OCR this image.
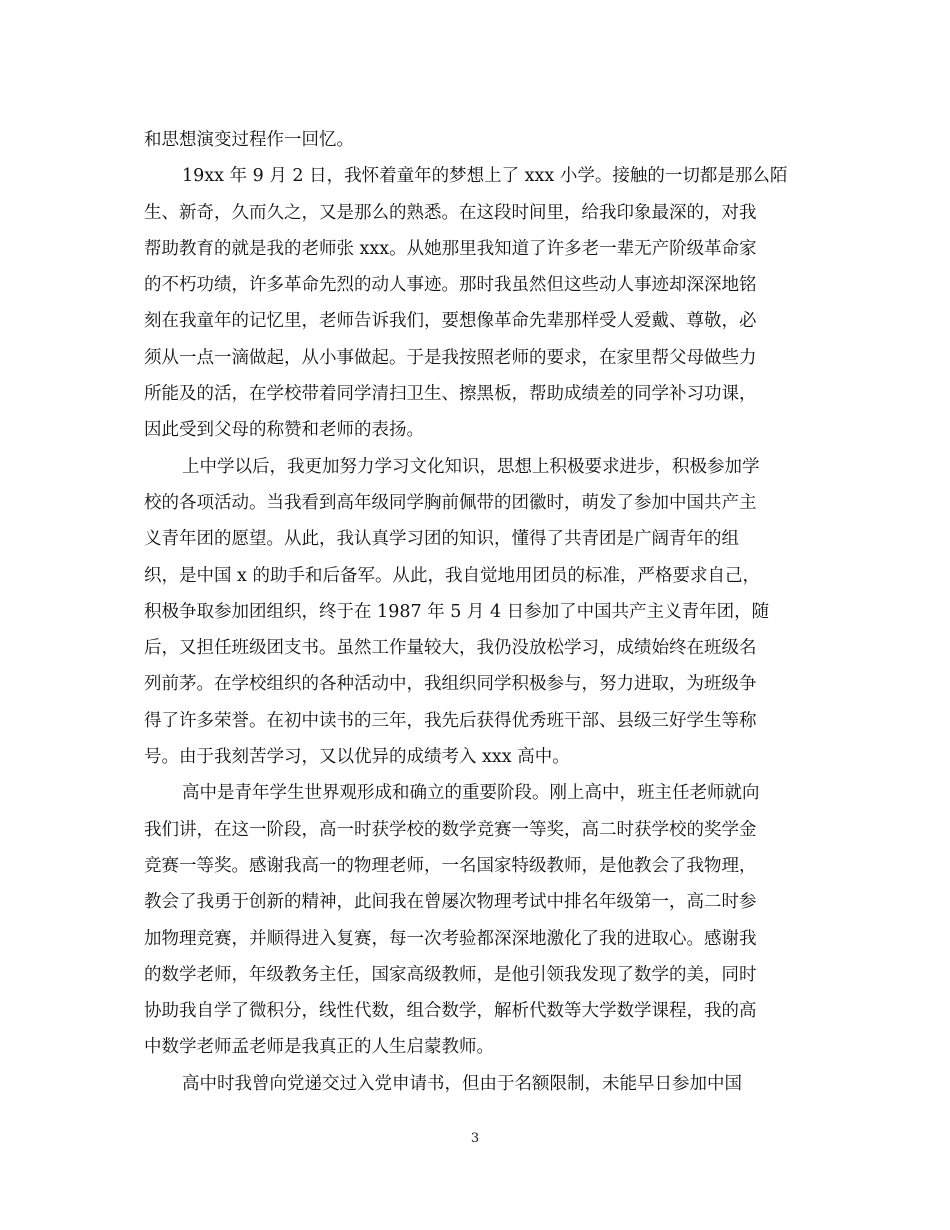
和思想演变过程作一回忆。
19xx 年 9 月 2 日，我怀着童年的梦想上了 xxx 小学。接触的一切都是那么陌
生、新奇，久而久之，又是那么的熟悉。在这段时间里，给我印象最深的，对我
帮助教育的就是我的老师张 xxx。从她那里我知道了许多老一辈无产阶级革命家
的不朽功绩，许多革命先烈的动人事迹。那时我虽然但这些动人事迹却深深地铭
刻在我童年的记忆里，老师告诉我们，要想像革命先辈那样受人爱戴、尊敬，必
须从一点一滴做起，从小事做起。于是我按照老师的要求，在家里帮父母做些力
所能及的活，在学校带着同学清扫卫生、擦黑板，帮助成绩差的同学补习功课，
因此受到父母的称赞和老师的表扬。
上中学以后，我更加努力学习文化知识，思想上积极要求进步，积极参加学
校的各项活动。当我看到高年级同学胸前佩带的团徽时，萌发了参加中国共产主
义青年团的愿望。从此，我认真学习团的知识，懂得了共青团是广阔青年的组
织，是中国 x 的助手和后备军。从此，我自觉地用团员的标准，严格要求自己，
积极争取参加团组织，终于在 1987 年 5 月 4 日参加了中国共产主义青年团，随
后，又担任班级团支书。虽然工作量较大，我仍没放松学习，成绩始终在班级名
列前茅。在学校组织的各种活动中，我组织同学积极参与，努力进取，为班级争
得了许多荣誉。在初中读书的三年，我先后获得优秀班干部、县级三好学生等称
号。由于我刻苦学习，又以优异的成绩考入 xxx 高中。
高中是青年学生世界观形成和确立的重要阶段。刚上高中，班主任老师就向
我们讲，在这一阶段，高一时获学校的数学竞赛一等奖，高二时获学校的奖学金
竞赛一等奖。感谢我高一的物理老师，一名国家特级教师，是他教会了我物理，
教会了我勇于创新的精神，此间我在曾屡次物理考试中排名年级第一，高二时参
加物理竞赛，并顺得进入复赛，每一次考验都深深地激化了我的进取心。感谢我
的数学老师，年级教务主任，国家高级教师，是他引领我发现了数学的美，同时
协助我自学了微积分，线性代数，组合数学，解析代数等大学数学课程，我的高
中数学老师孟老师是我真正的人生启蒙教师。
高中时我曾向党递交过入党申请书，但由于名额限制，未能早日参加中国
3
